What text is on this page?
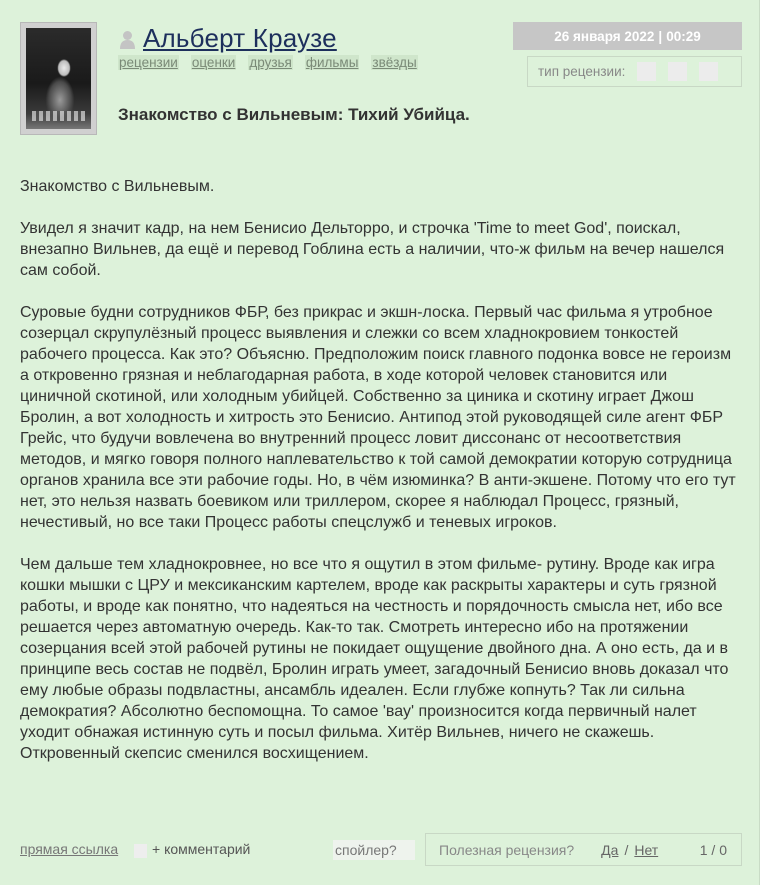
Альберт Краузе
рецензии оценки друзья фильмы звёзды
26 января 2022 | 00:29
тип рецензии:
Знакомство с Вильневым: Тихий Убийца.

Знакомство с Вильневым.

Увидел я значит кадр, на нем Бенисио Дельторро, и строчка 'Time to meet God', поискал, внезапно Вильнев, да ещё и перевод Гоблина есть а наличии, что-ж фильм на вечер нашелся сам собой.

Суровые будни сотрудников ФБР, без прикрас и экшн-лоска. Первый час фильма я утробное созерцал скрупулёзный процесс выявления и слежки со всем хладнокровием тонкостей рабочего процесса. Как это? Объясню. Предположим поиск главного подонка вовсе не героизм а откровенно грязная и неблагодарная работа, в ходе которой человек становится или циничной скотиной, или холодным убийцей. Собственно за циника и скотину играет Джош Бролин, а вот холодность и хитрость это Бенисио. Антипод этой руководящей силе агент ФБР Грейс, что будучи вовлечена во внутренний процесс ловит диссонанс от несоответствия методов, и мягко говоря полного наплевательство к той самой демократии которую сотрудница органов хранила все эти рабочие годы. Но, в чём изюминка? В анти-экшене. Потому что его тут нет, это нельзя назвать боевиком или триллером, скорее я наблюдал Процесс, грязный, нечестивый, но все таки Процесс работы спецслужб и теневых игроков.

Чем дальше тем хладнокровнее, но все что я ощутил в этом фильме- рутину. Вроде как игра кошки мышки с ЦРУ и мексиканским картелем, вроде как раскрыты характеры и суть грязной работы, и вроде как понятно, что надеяться на честность и порядочность смысла нет, ибо все решается через автоматную очередь. Как-то так. Смотреть интересно ибо на протяжении созерцания всей этой рабочей рутины не покидает ощущение двойного дна. А оно есть, да и в принципе весь состав не подвёл, Бролин играть умеет, загадочный Бенисио вновь доказал что ему любые образы подвластны, ансамбль идеален. Если глубже копнуть? Так ли сильна демократия? Абсолютно беспомощна. То самое 'вау' произносится когда первичный налет уходит обнажая истинную суть и посыл фильма. Хитёр Вильнев, ничего не скажешь. Откровенный скепсис сменился восхищением.

прямая ссылка + комментарий	спойлер?	Полезная рецензия? Да / Нет	1 / 0
